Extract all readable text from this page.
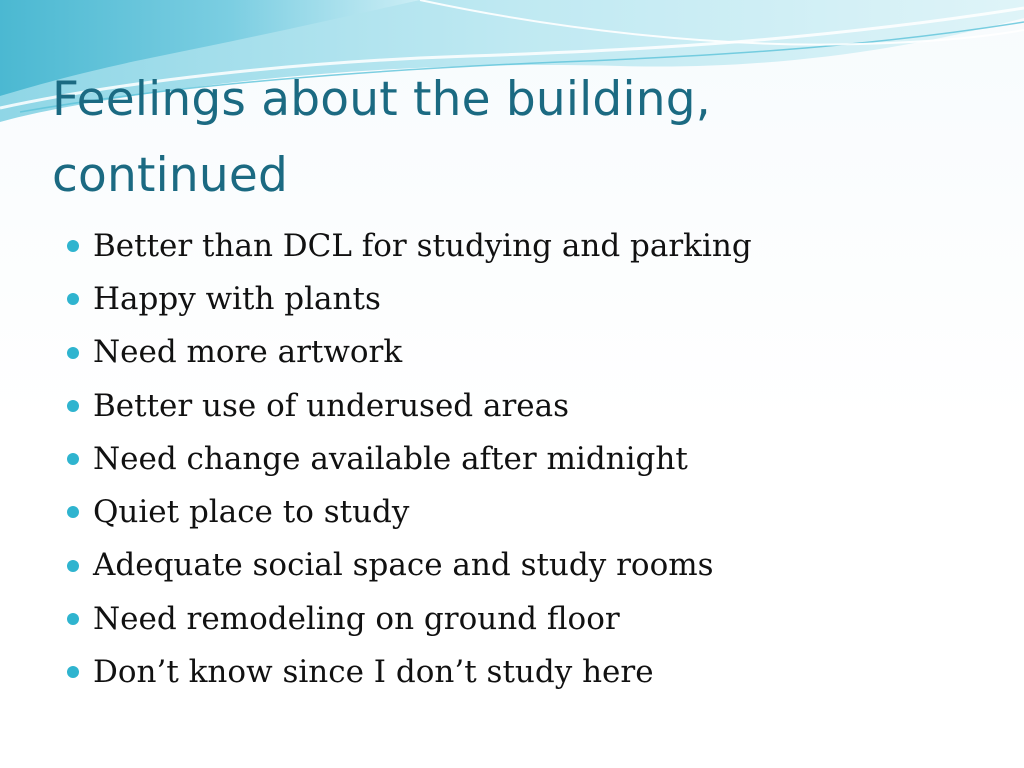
Feelings about the building, continued
Better than DCL for studying and parking
Happy with plants
Need more artwork
Better use of underused areas
Need change available after midnight
Quiet place to study
Adequate social space and study rooms
Need remodeling on ground floor
Don’t know since I don’t study here
